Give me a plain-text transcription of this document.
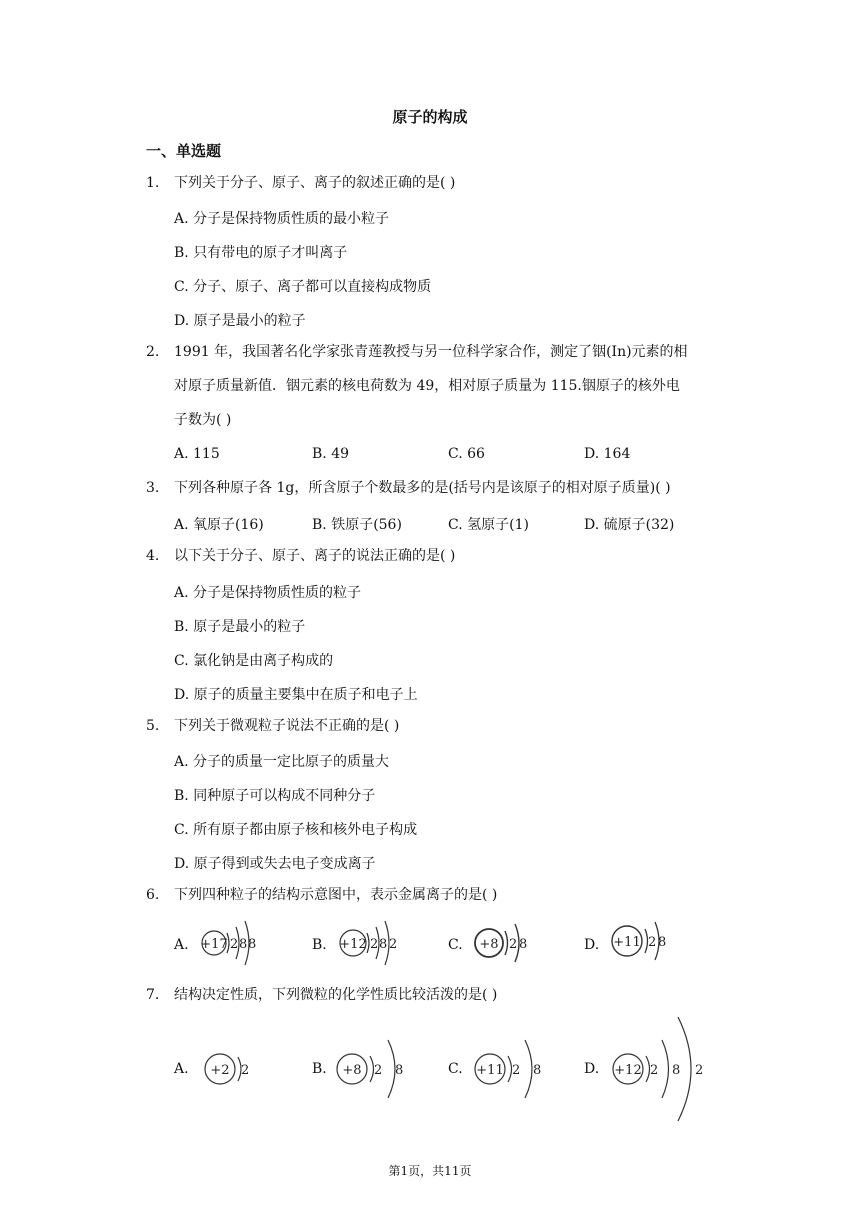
原子的构成
一、单选题
1. 下列关于分子、原子、离子的叙述正确的是( )
A. 分子是保持物质性质的最小粒子
B. 只有带电的原子才叫离子
C. 分子、原子、离子都可以直接构成物质
D. 原子是最小的粒子
2. 1991 年，我国著名化学家张青莲教授与另一位科学家合作，测定了铟(In)元素的相
对原子质量新值．铟元素的核电荷数为 49，相对原子质量为 115.铟原子的核外电
子数为( )
A. 115	B. 49	C. 66	D. 164
3. 下列各种原子各 1g，所含原子个数最多的是(括号内是该原子的相对原子质量)( )
A. 氧原子(16)	B. 铁原子(56)	C. 氢原子(1)	D. 硫原子(32)
4. 以下关于分子、原子、离子的说法正确的是( )
A. 分子是保持物质性质的粒子
B. 原子是最小的粒子
C. 氯化钠是由离子构成的
D. 原子的质量主要集中在质子和电子上
5. 下列关于微观粒子说法不正确的是( )
A. 分子的质量一定比原子的质量大
B. 同种原子可以构成不同种分子
C. 所有原子都由原子核和核外电子构成
D. 原子得到或失去电子变成离子
6. 下列四种粒子的结构示意图中，表示金属离子的是( )
A.	B.	C.	D.
+17 2 8 8	+12 2 8 2	+8 2 8	+11 2 8
7. 结构决定性质，下列微粒的化学性质比较活泼的是( )
A.	B.	C.	D.
+2 2	+8 2 8	+11 2 8	+12 2 8 2
第1页，共11页
